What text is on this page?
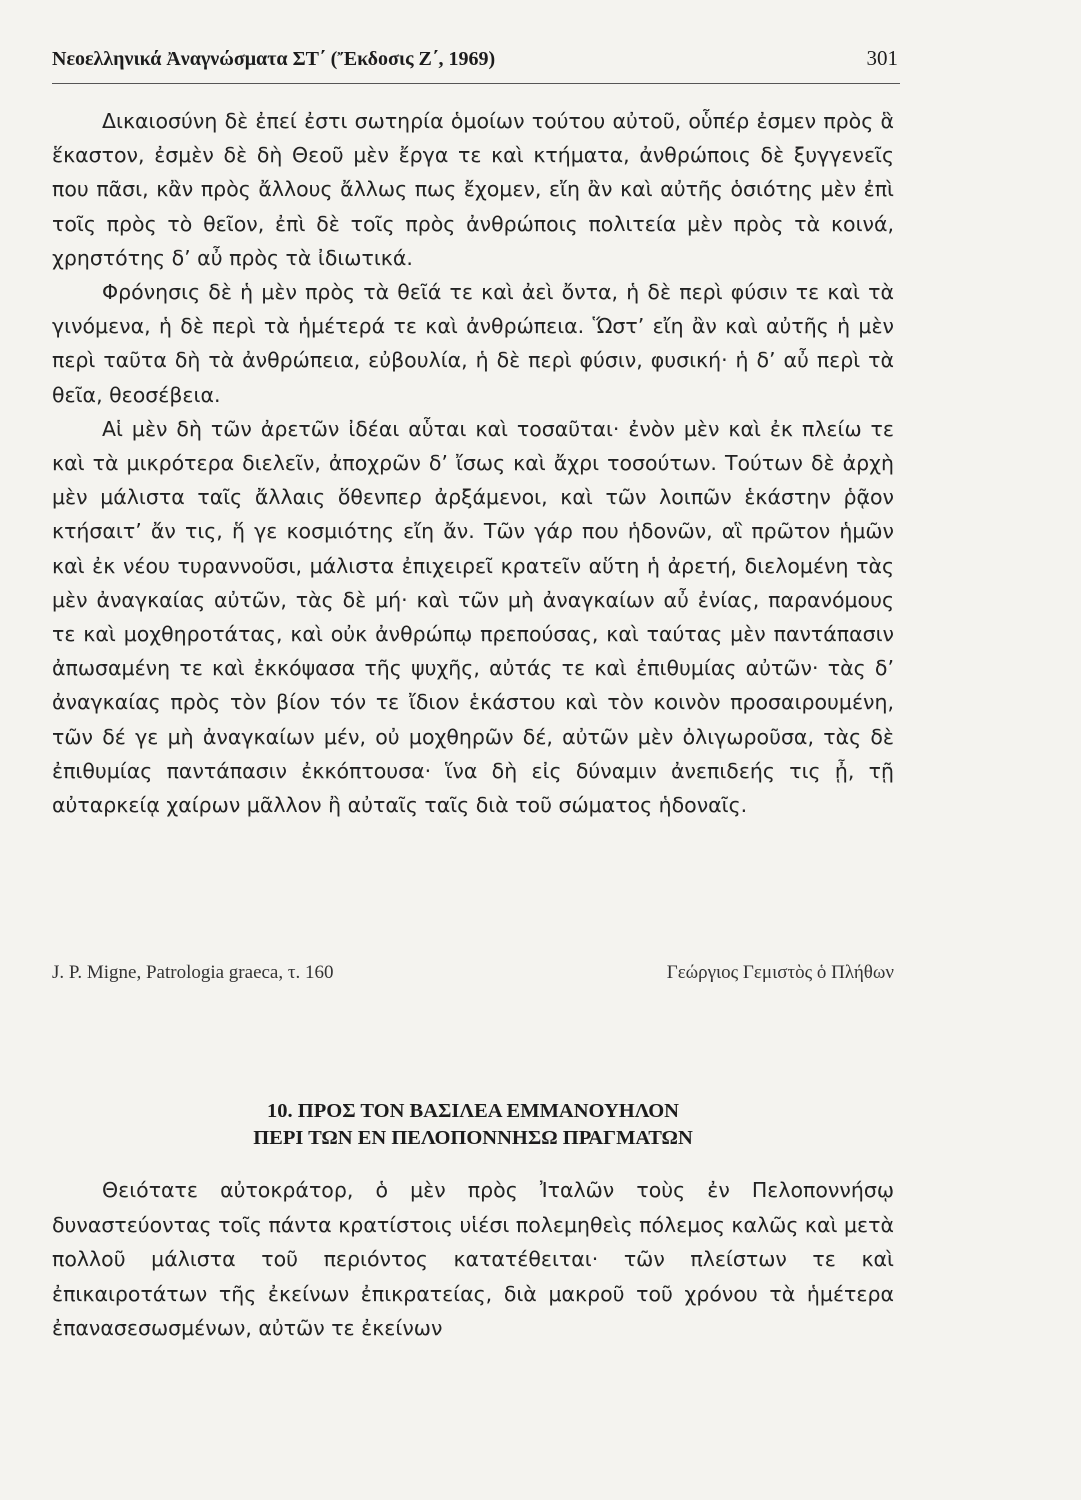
Νεοελληνικά Ἀναγνώσματα ΣΤ΄ (Ἔκδοσις Ζ΄, 1969)	301

Δικαιοσύνη δὲ ἐπεί ἐστι σωτηρία ὁμοίων τούτου αὐτοῦ, οὗπέρ ἐσμεν πρὸς ἃ ἕκαστον, ἐσμὲν δὲ δὴ Θεοῦ μὲν ἔργα τε καὶ κτήματα, ἀνθρώποις δὲ ξυγγενεῖς που πᾶσι, κἂν πρὸς ἄλλους ἄλλως πως ἔχομεν, εἴη ἂν καὶ αὐτῆς ὁσιότης μὲν ἐπὶ τοῖς πρὸς τὸ θεῖον, ἐπὶ δὲ τοῖς πρὸς ἀνθρώποις πολιτεία μὲν πρὸς τὰ κοινά, χρηστότης δ’ αὖ πρὸς τὰ ἰδιωτικά.

Φρόνησις δὲ ἡ μὲν πρὸς τὰ θεῖά τε καὶ ἀεὶ ὄντα, ἡ δὲ περὶ φύσιν τε καὶ τὰ γινόμενα, ἡ δὲ περὶ τὰ ἡμέτερά τε καὶ ἀνθρώπεια. Ὥστ’ εἴη ἂν καὶ αὐτῆς ἡ μὲν περὶ ταῦτα δὴ τὰ ἀνθρώπεια, εὐβουλία, ἡ δὲ περὶ φύσιν, φυσική· ἡ δ’ αὖ περὶ τὰ θεῖα, θεοσέβεια.

Αἱ μὲν δὴ τῶν ἀρετῶν ἰδέαι αὗται καὶ τοσαῦται· ἐνὸν μὲν καὶ ἐκ πλείω τε καὶ τὰ μικρότερα διελεῖν, ἀποχρῶν δ’ ἴσως καὶ ἄχρι τοσούτων. Τούτων δὲ ἀρχὴ μὲν μάλιστα ταῖς ἄλλαις ὅθενπερ ἀρξάμενοι, καὶ τῶν λοιπῶν ἑκάστην ῥᾷον κτήσαιτ’ ἄν τις, ἥ γε κοσμιότης εἴη ἄν. Τῶν γάρ που ἡδονῶν, αἳ πρῶτον ἡμῶν καὶ ἐκ νέου τυραννοῦσι, μάλιστα ἐπιχειρεῖ κρατεῖν αὕτη ἡ ἀρετή, διελομένη τὰς μὲν ἀναγκαίας αὐτῶν, τὰς δὲ μή· καὶ τῶν μὴ ἀναγκαίων αὖ ἐνίας, παρανόμους τε καὶ μοχθηροτάτας, καὶ οὐκ ἀνθρώπῳ πρεπούσας, καὶ ταύτας μὲν παντάπασιν ἀπωσαμένη τε καὶ ἐκκόψασα τῆς ψυχῆς, αὐτάς τε καὶ ἐπιθυμίας αὐτῶν· τὰς δ’ ἀναγκαίας πρὸς τὸν βίον τόν τε ἴδιον ἑκάστου καὶ τὸν κοινὸν προσαιρουμένη, τῶν δέ γε μὴ ἀναγκαίων μέν, οὐ μοχθηρῶν δέ, αὐτῶν μὲν ὀλιγωροῦσα, τὰς δὲ ἐπιθυμίας παντάπασιν ἐκκόπτουσα· ἵνα δὴ εἰς δύναμιν ἀνεπιδεής τις ᾖ, τῇ αὐταρκείᾳ χαίρων μᾶλλον ἢ αὐταῖς ταῖς διὰ τοῦ σώματος ἡδοναῖς.

J. P. Migne, Patrologia graeca, τ. 160	Γεώργιος Γεμιστὸς ὁ Πλήθων
10. ΠΡΟΣ ΤΟΝ ΒΑΣΙΛΕΑ ΕΜΜΑΝΟΥΗΛΟΝ
ΠΕΡΙ ΤΩΝ ΕΝ ΠΕΛΟΠΟΝΝΗΣΩ ΠΡΑΓΜΑΤΩΝ

Θειότατε αὐτοκράτορ, ὁ μὲν πρὸς Ἰταλῶν τοὺς ἐν Πελοποννήσῳ δυναστεύοντας τοῖς πάντα κρατίστοις υἱέσι πολεμηθεὶς πόλεμος καλῶς καὶ μετὰ πολλοῦ μάλιστα τοῦ περιόντος κατατέθειται· τῶν πλείστων τε καὶ ἐπικαιροτάτων τῆς ἐκείνων ἐπικρατείας, διὰ μακροῦ τοῦ χρόνου τὰ ἡμέτερα ἐπανασεσωσμένων, αὐτῶν τε ἐκείνων
